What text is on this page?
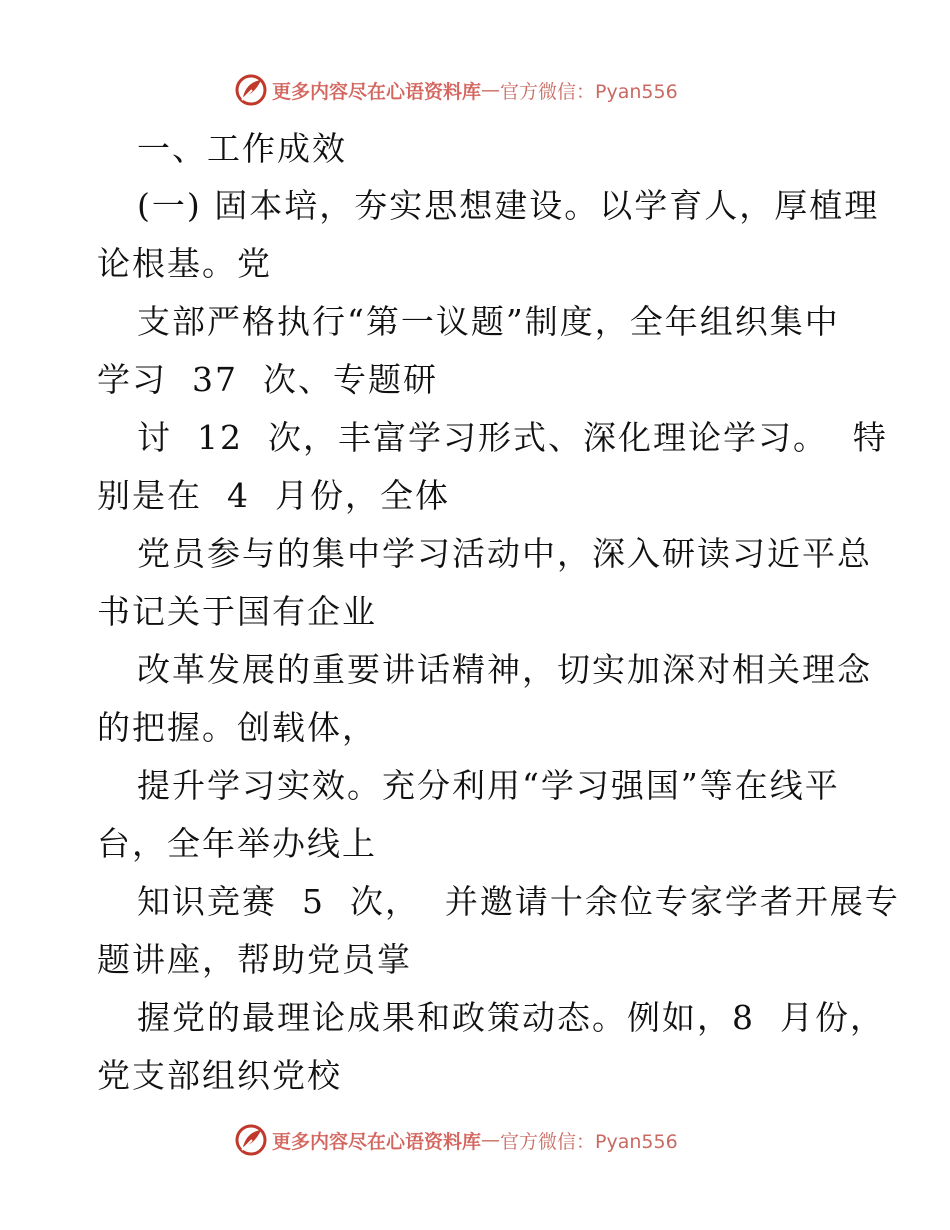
更多内容尽在心语资料库 — 官方微信：Pyan556
一、工作成效
(一) 固本培，夯实思想建设。以学育人，厚植理
论根基。党
支部严格执行“第一议题”制度，全年组织集中
学习  37  次、专题研
讨  12  次，丰富学习形式、深化理论学习。  特
别是在  4  月份，全体
党员参与的集中学习活动中，深入研读习近平总
书记关于国有企业
改革发展的重要讲话精神，切实加深对相关理念
的把握。创载体，
提升学习实效。充分利用“学习强国”等在线平
台，全年举办线上
知识竞赛  5  次，  并邀请十余位专家学者开展专
题讲座，帮助党员掌
握党的最理论成果和政策动态。例如，8  月份，
党支部组织党校
更多内容尽在心语资料库 — 官方微信：Pyan556
